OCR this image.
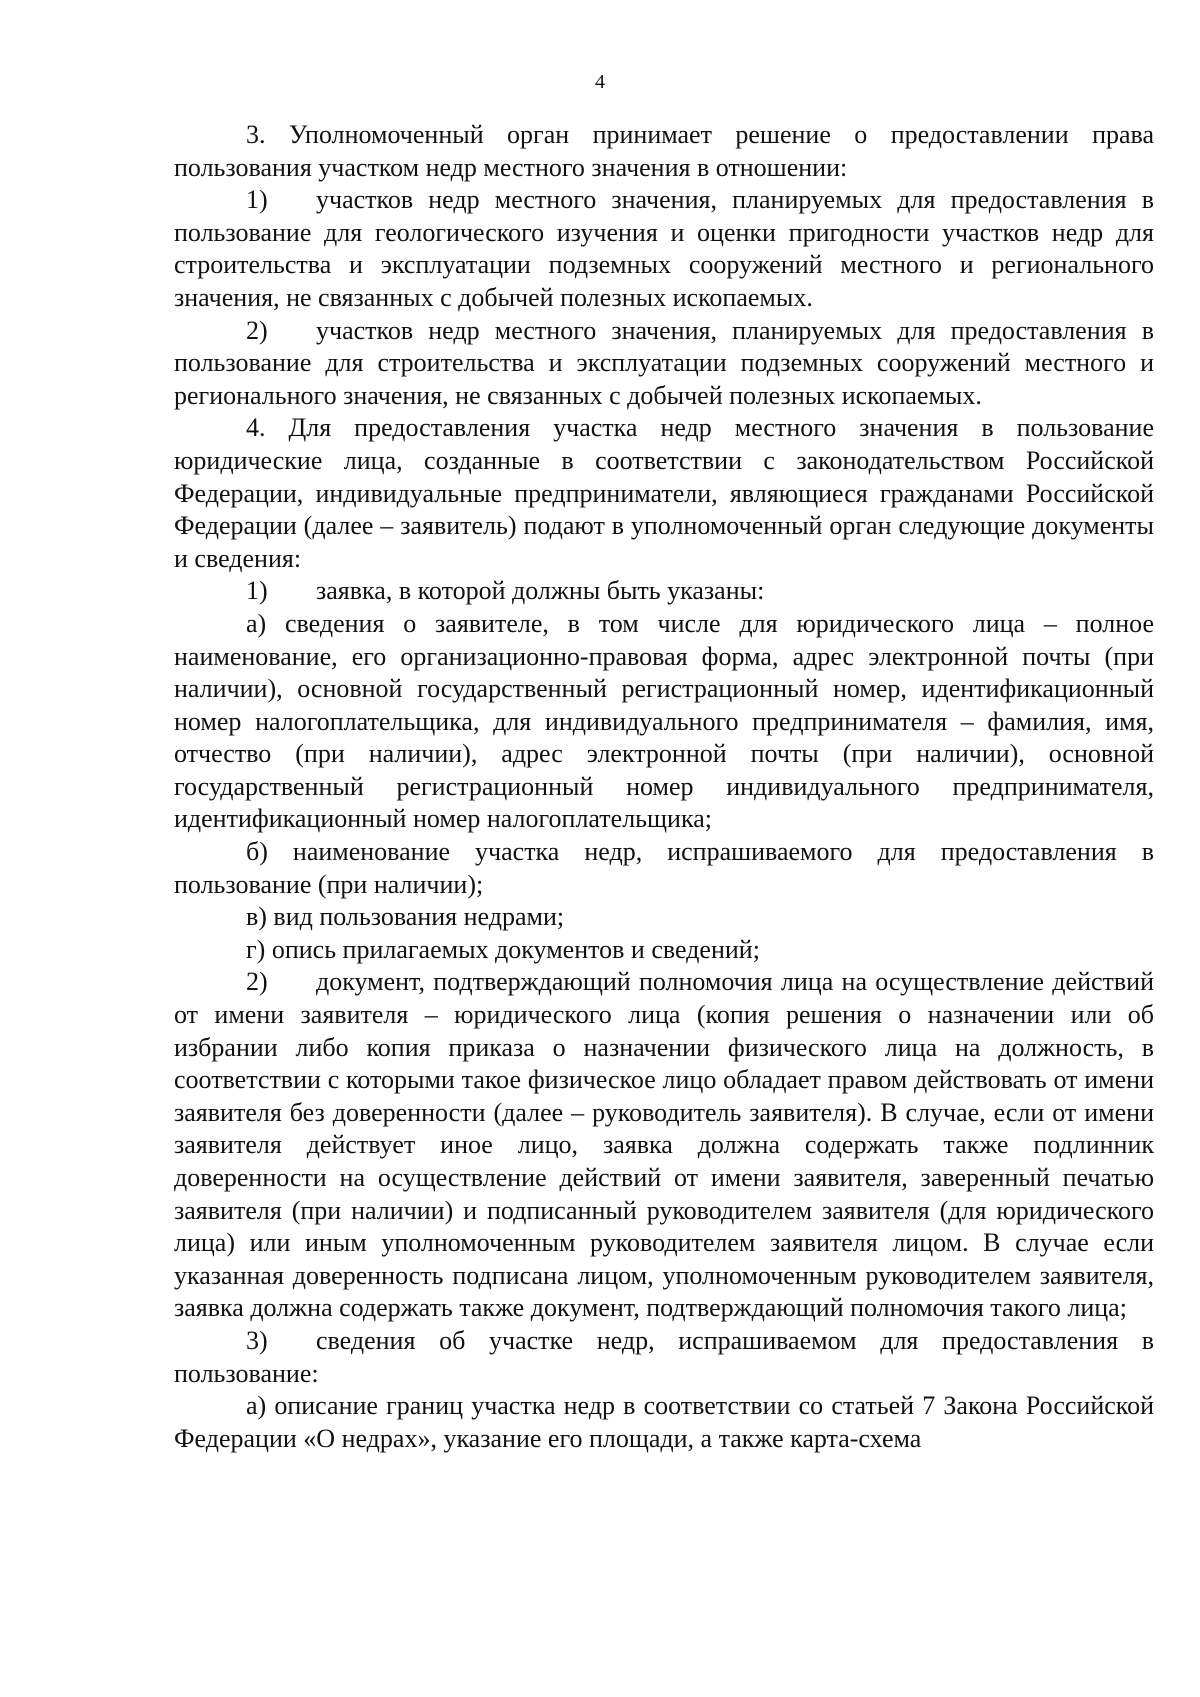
4

3. Уполномоченный орган принимает решение о предоставлении права пользования участком недр местного значения в отношении:

1) участков недр местного значения, планируемых для предоставления в пользование для геологического изучения и оценки пригодности участков недр для строительства и эксплуатации подземных сооружений местного и регионального значения, не связанных с добычей полезных ископаемых.

2) участков недр местного значения, планируемых для предоставления в пользование для строительства и эксплуатации подземных сооружений местного и регионального значения, не связанных с добычей полезных ископаемых.

4. Для предоставления участка недр местного значения в пользование юридические лица, созданные в соответствии с законодательством Российской Федерации, индивидуальные предприниматели, являющиеся гражданами Российской Федерации (далее – заявитель) подают в уполномоченный орган следующие документы и сведения:

1) заявка, в которой должны быть указаны:

а) сведения о заявителе, в том числе для юридического лица – полное наименование, его организационно-правовая форма, адрес электронной почты (при наличии), основной государственный регистрационный номер, идентификационный номер налогоплательщика, для индивидуального предпринимателя – фамилия, имя, отчество (при наличии), адрес электронной почты (при наличии), основной государственный регистрационный номер индивидуального предпринимателя, идентификационный номер налогоплательщика;

б) наименование участка недр, испрашиваемого для предоставления в пользование (при наличии);

в) вид пользования недрами;

г) опись прилагаемых документов и сведений;

2) документ, подтверждающий полномочия лица на осуществление действий от имени заявителя – юридического лица (копия решения о назначении или об избрании либо копия приказа о назначении физического лица на должность, в соответствии с которыми такое физическое лицо обладает правом действовать от имени заявителя без доверенности (далее – руководитель заявителя). В случае, если от имени заявителя действует иное лицо, заявка должна содержать также подлинник доверенности на осуществление действий от имени заявителя, заверенный печатью заявителя (при наличии) и подписанный руководителем заявителя (для юридического лица) или иным уполномоченным руководителем заявителя лицом. В случае если указанная доверенность подписана лицом, уполномоченным руководителем заявителя, заявка должна содержать также документ, подтверждающий полномочия такого лица;

3) сведения об участке недр, испрашиваемом для предоставления в пользование:

а) описание границ участка недр в соответствии со статьей 7 Закона Российской Федерации «О недрах», указание его площади, а также карта-схема
